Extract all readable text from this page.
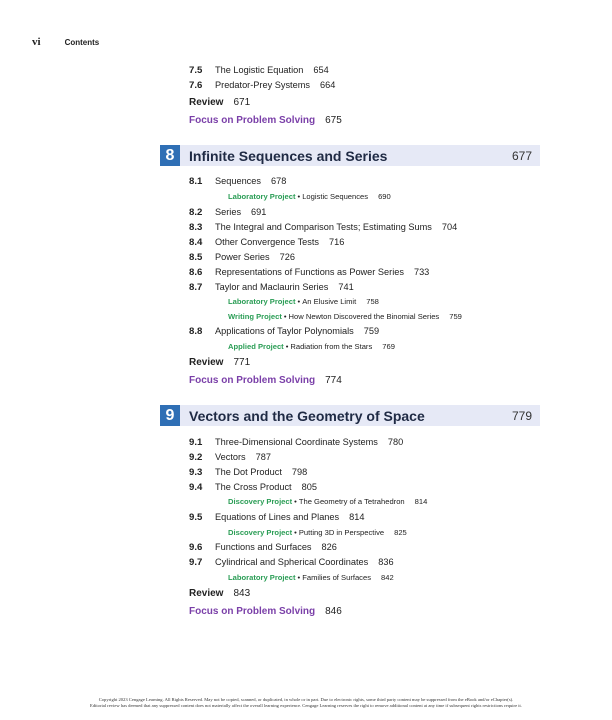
vi	Contents
7.5 The Logistic Equation 654
7.6 Predator-Prey Systems 664
Review 671
Focus on Problem Solving 675
8	Infinite Sequences and Series	677
8.1 Sequences 678
Laboratory Project • Logistic Sequences 690
8.2 Series 691
8.3 The Integral and Comparison Tests; Estimating Sums 704
8.4 Other Convergence Tests 716
8.5 Power Series 726
8.6 Representations of Functions as Power Series 733
8.7 Taylor and Maclaurin Series 741
Laboratory Project • An Elusive Limit 758
Writing Project • How Newton Discovered the Binomial Series 759
8.8 Applications of Taylor Polynomials 759
Applied Project • Radiation from the Stars 769
Review 771
Focus on Problem Solving 774
9	Vectors and the Geometry of Space	779
9.1 Three-Dimensional Coordinate Systems 780
9.2 Vectors 787
9.3 The Dot Product 798
9.4 The Cross Product 805
Discovery Project • The Geometry of a Tetrahedron 814
9.5 Equations of Lines and Planes 814
Discovery Project • Putting 3D in Perspective 825
9.6 Functions and Surfaces 826
9.7 Cylindrical and Spherical Coordinates 836
Laboratory Project • Families of Surfaces 842
Review 843
Focus on Problem Solving 846
Copyright 2023 Cengage Learning. All Rights Reserved. May not be copied, scanned, or duplicated, in whole or in part. Due to electronic rights, some third party content may be suppressed from the eBook and/or eChapter(s).
Editorial review has deemed that any suppressed content does not materially affect the overall learning experience. Cengage Learning reserves the right to remove additional content at any time if subsequent rights restrictions require it.
